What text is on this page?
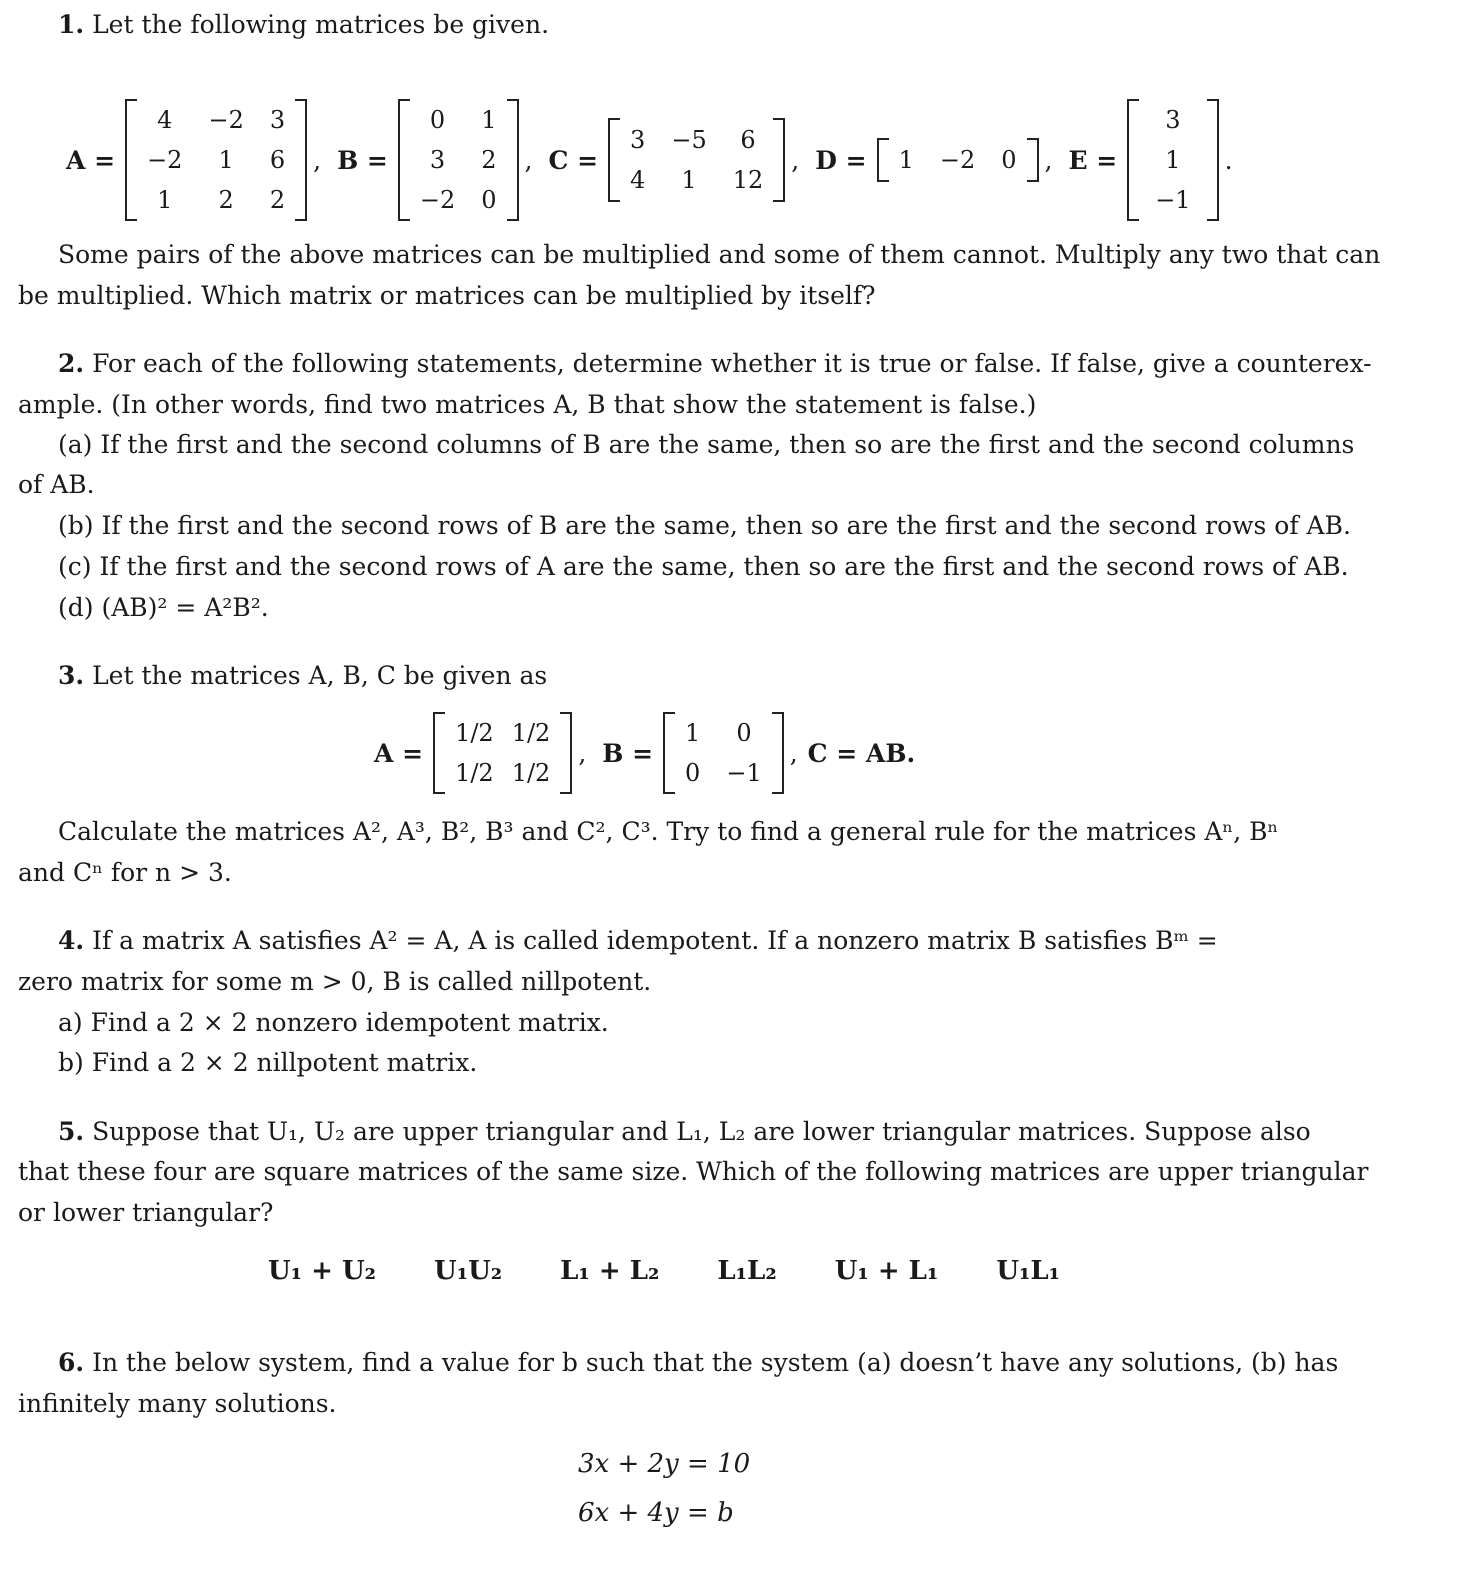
1. Let the following matrices be given.
A =
4 −2 3
−2 1 6
1 2 2
, B =
0 1
3 2
−2 0
, C =
3 −5 6
4 1 12
, D = 1 −2 0 , E =
3
1
−1
.
Some pairs of the above matrices can be multiplied and some of them cannot. Multiply any two that can
be multiplied. Which matrix or matrices can be multiplied by itself?
2. For each of the following statements, determine whether it is true or false. If false, give a counterex-
ample. (In other words, find two matrices A, B that show the statement is false.)
(a) If the first and the second columns of B are the same, then so are the first and the second columns
of AB.
(b) If the first and the second rows of B are the same, then so are the first and the second rows of AB.
(c) If the first and the second rows of A are the same, then so are the first and the second rows of AB.
(d) (AB)² = A²B².
3. Let the matrices A, B, C be given as
A =
1/2 1/2
1/2 1/2
, B =
1 0
0 −1
, C = AB.
Calculate the matrices A², A³, B², B³ and C², C³. Try to find a general rule for the matrices Aⁿ, Bⁿ
and Cⁿ for n > 3.
4. If a matrix A satisfies A² = A, A is called idempotent. If a nonzero matrix B satisfies Bᵐ =
zero matrix for some m > 0, B is called nillpotent.
a) Find a 2 × 2 nonzero idempotent matrix.
b) Find a 2 × 2 nillpotent matrix.
5. Suppose that U₁, U₂ are upper triangular and L₁, L₂ are lower triangular matrices. Suppose also
that these four are square matrices of the same size. Which of the following matrices are upper triangular
or lower triangular?
U₁ + U₂ U₁U₂ L₁ + L₂ L₁L₂ U₁ + L₁ U₁L₁
6. In the below system, find a value for b such that the system (a) doesn’t have any solutions, (b) has
infinitely many solutions.
3x + 2y = 10
6x + 4y = b
